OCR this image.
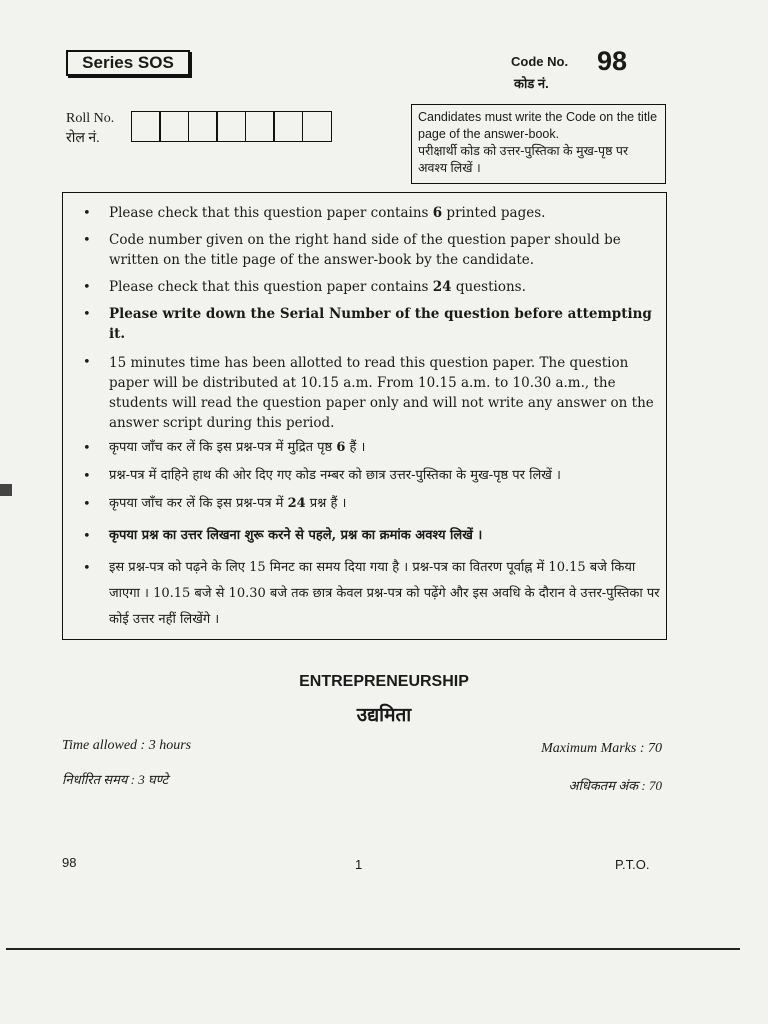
Series SOS	Code No. 98
कोड नं.
Roll No.
रोल नं.
Candidates must write the Code on the title page of the answer-book.
परीक्षार्थी कोड को उत्तर-पुस्तिका के मुख-पृष्ठ पर अवश्य लिखें ।
• Please check that this question paper contains 6 printed pages.
• Code number given on the right hand side of the question paper should be written on the title page of the answer-book by the candidate.
• Please check that this question paper contains 24 questions.
• Please write down the Serial Number of the question before attempting it.
• 15 minutes time has been allotted to read this question paper. The question paper will be distributed at 10.15 a.m. From 10.15 a.m. to 10.30 a.m., the students will read the question paper only and will not write any answer on the answer script during this period.
• कृपया जाँच कर लें कि इस प्रश्न-पत्र में मुद्रित पृष्ठ 6 हैं ।
• प्रश्न-पत्र में दाहिने हाथ की ओर दिए गए कोड नम्बर को छात्र उत्तर-पुस्तिका के मुख-पृष्ठ पर लिखें ।
• कृपया जाँच कर लें कि इस प्रश्न-पत्र में 24 प्रश्न हैं ।
• कृपया प्रश्न का उत्तर लिखना शुरू करने से पहले, प्रश्न का क्रमांक अवश्य लिखें ।
• इस प्रश्न-पत्र को पढ़ने के लिए 15 मिनट का समय दिया गया है । प्रश्न-पत्र का वितरण पूर्वाह्न में 10.15 बजे किया जाएगा । 10.15 बजे से 10.30 बजे तक छात्र केवल प्रश्न-पत्र को पढ़ेंगे और इस अवधि के दौरान वे उत्तर-पुस्तिका पर कोई उत्तर नहीं लिखेंगे ।
ENTREPRENEURSHIP
उद्यमिता
Time allowed : 3 hours
निर्धारित समय : 3 घण्टे
Maximum Marks : 70
अधिकतम अंक : 70
98	1	P.T.O.
